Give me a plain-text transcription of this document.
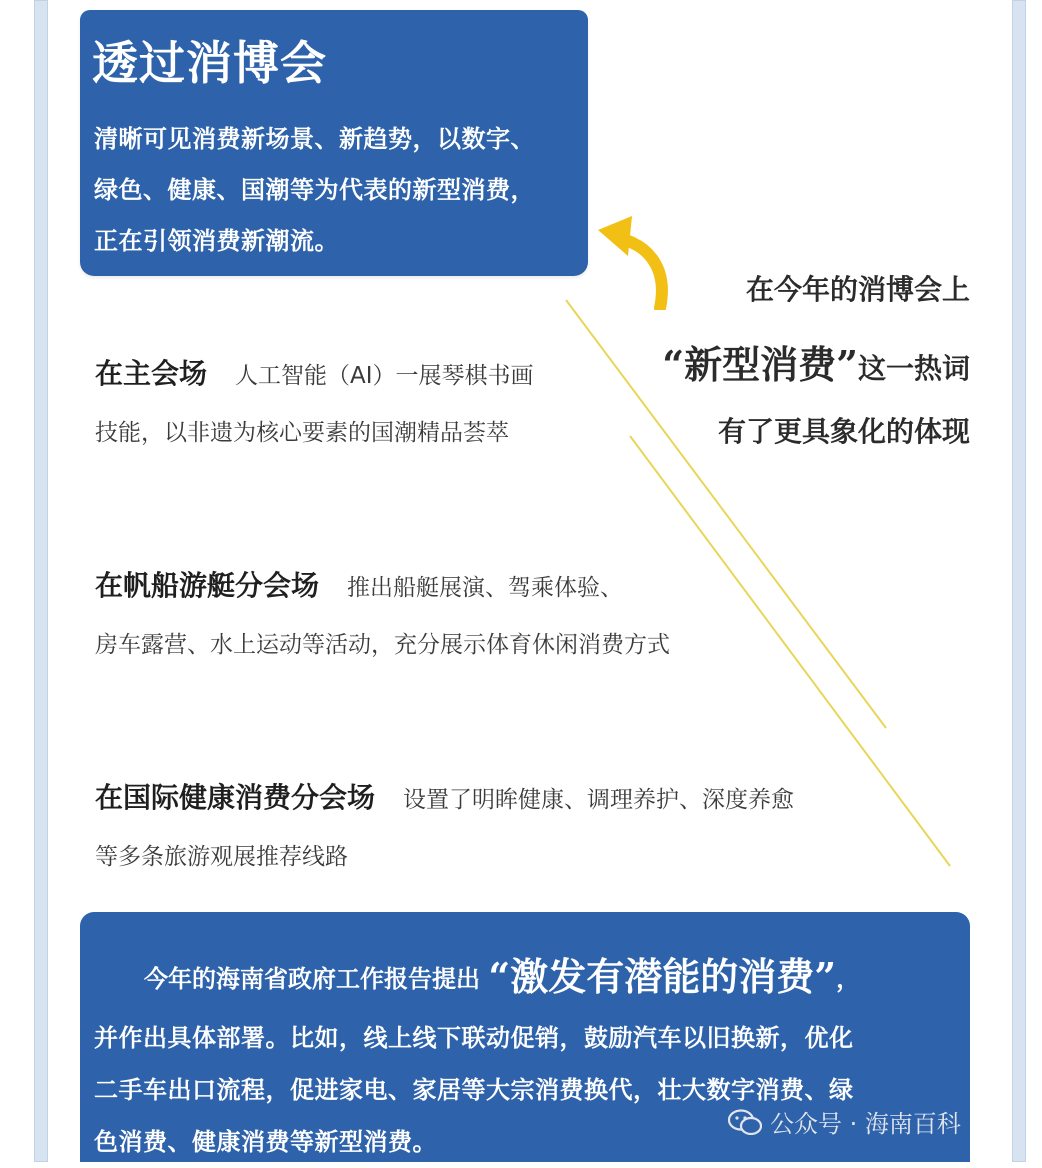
透过消博会
清晰可见消费新场景、新趋势，以数字、
绿色、健康、国潮等为代表的新型消费，
正在引领消费新潮流。
在今年的消博会上
“新型消费”这一热词
有了更具象化的体现
在主会场 人工智能（AI）一展琴棋书画
技能，以非遗为核心要素的国潮精品荟萃
在帆船游艇分会场 推出船艇展演、驾乘体验、
房车露营、水上运动等活动，充分展示体育休闲消费方式
在国际健康消费分会场 设置了明眸健康、调理养护、深度养愈
等多条旅游观展推荐线路
今年的海南省政府工作报告提出 “激发有潜能的消费”，
并作出具体部署。比如，线上线下联动促销，鼓励汽车以旧换新，优化
二手车出口流程，促进家电、家居等大宗消费换代，壮大数字消费、绿
色消费、健康消费等新型消费。
公众号 · 海南百科
